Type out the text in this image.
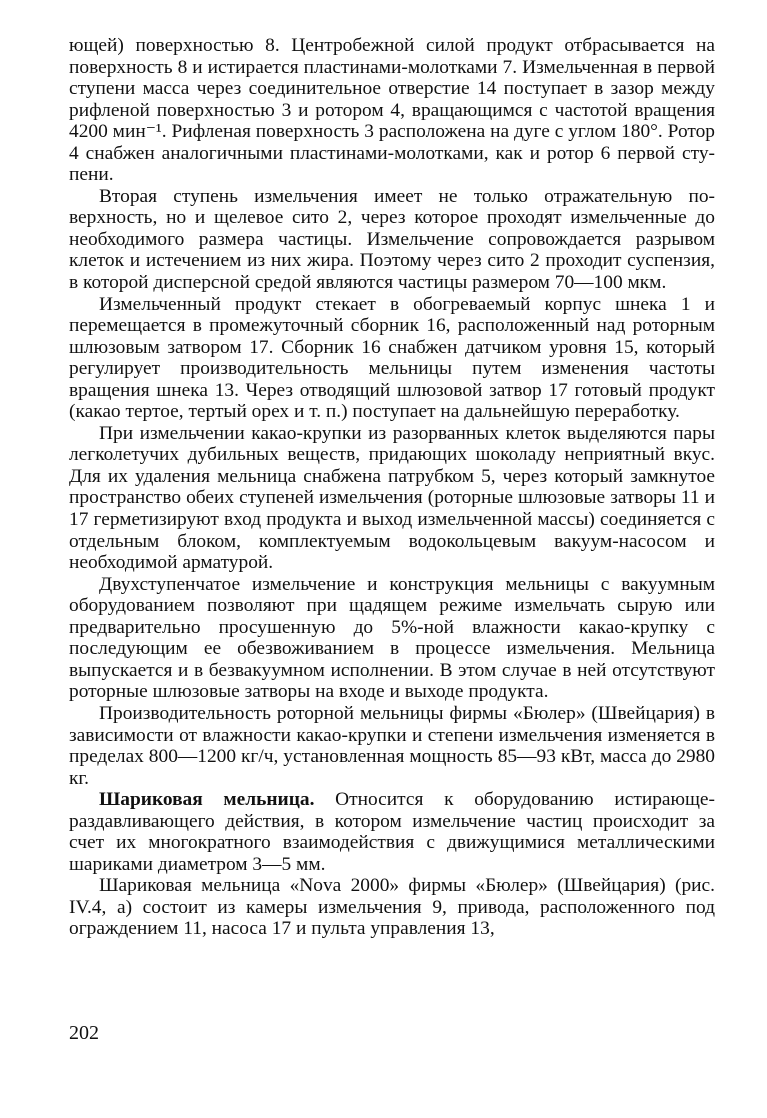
ющей) поверхностью 8. Центробежной силой продукт отбрасывается на поверхность 8 и истирается пластинами-молотками 7. Измельченная в первой ступени масса через соединительное отверстие 14 поступает в зазор между рифленой поверхностью 3 и ротором 4, вращающимся с частотой вращения 4200 мин⁻¹. Рифленая поверхность 3 расположена на дуге с углом 180°. Ротор 4 снабжен аналогичными пластинами-молотками, как и ротор 6 первой ступени.

Вторая ступень измельчения имеет не только отражательную поверхность, но и щелевое сито 2, через которое проходят измельченные до необходимого размера частицы. Измельчение сопровождается разрывом клеток и истечением из них жира. Поэтому через сито 2 проходит суспензия, в которой дисперсной средой являются частицы размером 70—100 мкм.

Измельченный продукт стекает в обогреваемый корпус шнека 1 и перемещается в промежуточный сборник 16, расположенный над роторным шлюзовым затвором 17. Сборник 16 снабжен датчиком уровня 15, который регулирует производительность мельницы путем изменения частоты вращения шнека 13. Через отводящий шлюзовой затвор 17 готовый продукт (какао тертое, тертый орех и т. п.) поступает на дальнейшую переработку.

При измельчении какао-крупки из разорванных клеток выделяются пары легколетучих дубильных веществ, придающих шоколаду неприятный вкус. Для их удаления мельница снабжена патрубком 5, через который замкнутое пространство обеих ступеней измельчения (роторные шлюзовые затворы 11 и 17 герметизируют вход продукта и выход измельченной массы) соединяется с отдельным блоком, комплектуемым водокольцевым вакуум-насосом и необходимой арматурой.

Двухступенчатое измельчение и конструкция мельницы с вакуумным оборудованием позволяют при щадящем режиме измельчать сырую или предварительно просушенную до 5%-ной влажности какао-крупку с последующим ее обезвоживанием в процессе измельчения. Мельница выпускается и в безвакуумном исполнении. В этом случае в ней отсутствуют роторные шлюзовые затворы на входе и выходе продукта.

Производительность роторной мельницы фирмы «Бюлер» (Швейцария) в зависимости от влажности какао-крупки и степени измельчения изменяется в пределах 800—1200 кг/ч, установленная мощность 85—93 кВт, масса до 2980 кг.

Шариковая мельница. Относится к оборудованию истирающе-раздавливающего действия, в котором измельчение частиц происходит за счет их многократного взаимодействия с движущимися металлическими шариками диаметром 3—5 мм.

Шариковая мельница «Nova 2000» фирмы «Бюлер» (Швейцария) (рис. IV.4, а) состоит из камеры измельчения 9, привода, расположенного под ограждением 11, насоса 17 и пульта управления 13,

202
